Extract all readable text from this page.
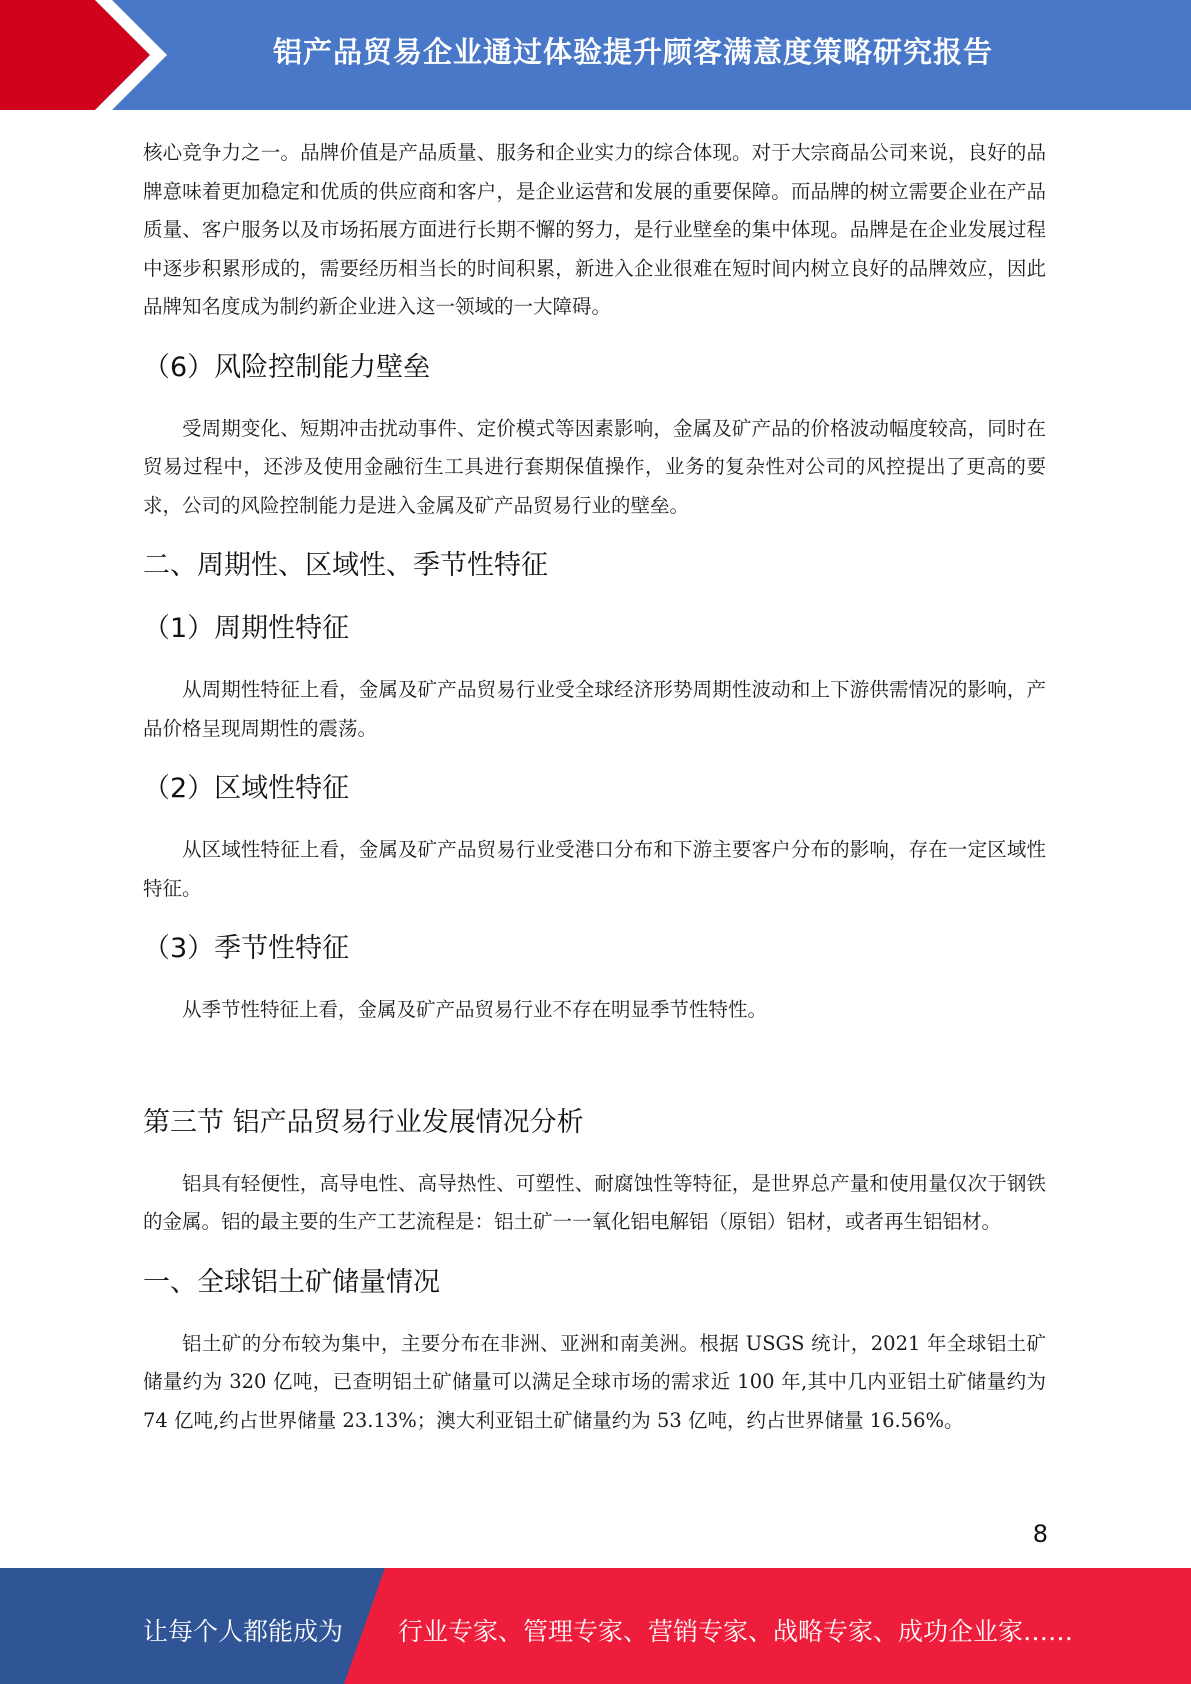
铝产品贸易企业通过体验提升顾客满意度策略研究报告

核心竞争力之一。品牌价值是产品质量、服务和企业实力的综合体现。对于大宗商品公司来说，良好的品牌意味着更加稳定和优质的供应商和客户，是企业运营和发展的重要保障。而品牌的树立需要企业在产品质量、客户服务以及市场拓展方面进行长期不懈的努力，是行业壁垒的集中体现。品牌是在企业发展过程中逐步积累形成的，需要经历相当长的时间积累，新进入企业很难在短时间内树立良好的品牌效应，因此品牌知名度成为制约新企业进入这一领域的一大障碍。

（6）风险控制能力壁垒

受周期变化、短期冲击扰动事件、定价模式等因素影响，金属及矿产品的价格波动幅度较高，同时在贸易过程中，还涉及使用金融衍生工具进行套期保值操作，业务的复杂性对公司的风控提出了更高的要求，公司的风险控制能力是进入金属及矿产品贸易行业的壁垒。

二、周期性、区域性、季节性特征
（1）周期性特征

从周期性特征上看，金属及矿产品贸易行业受全球经济形势周期性波动和上下游供需情况的影响，产品价格呈现周期性的震荡。

（2）区域性特征

从区域性特征上看，金属及矿产品贸易行业受港口分布和下游主要客户分布的影响，存在一定区域性特征。

（3）季节性特征

从季节性特征上看，金属及矿产品贸易行业不存在明显季节性特性。

第三节 铝产品贸易行业发展情况分析

铝具有轻便性，高导电性、高导热性、可塑性、耐腐蚀性等特征，是世界总产量和使用量仅次于钢铁的金属。铝的最主要的生产工艺流程是：铝土矿一一氧化铝电解铝（原铝）铝材，或者再生铝铝材。

一、全球铝土矿储量情况

铝土矿的分布较为集中，主要分布在非洲、亚洲和南美洲。根据 USGS 统计，2021 年全球铝土矿储量约为 320 亿吨，已查明铝土矿储量可以满足全球市场的需求近 100 年,其中几内亚铝土矿储量约为 74 亿吨,约占世界储量 23.13%；澳大利亚铝土矿储量约为 53 亿吨，约占世界储量 16.56%。

8
让每个人都能成为 行业专家、管理专家、营销专家、战略专家、成功企业家……
